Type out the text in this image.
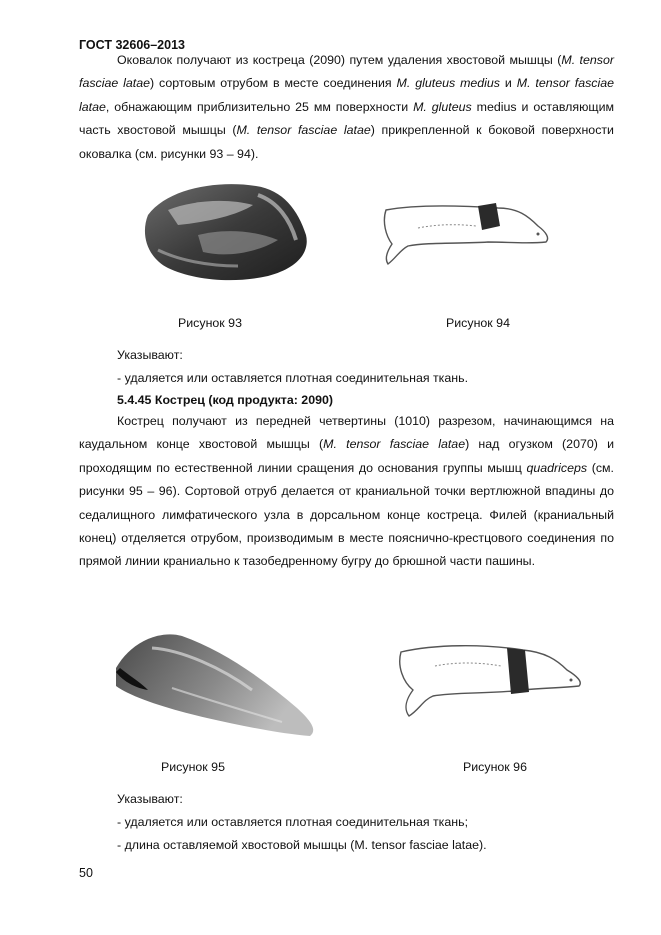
ГОСТ 32606–2013
Оковалок получают из кострецa (2090) путем удаления хвостовой мышцы (M. tensor fasciae latae) сортовым отрубом в месте соединения M. gluteus medius и M. tensor fasciae latae, обнажающим приблизительно 25 мм поверхности M. gluteus medius и оставляющим часть хвостовой мышцы (M. tensor fasciae latae) прикрепленной к боковой поверхности оковалка (см. рисунки 93 – 94).
Рисунок 93	Рисунок 94
Указывают:
- удаляется или оставляется плотная соединительная ткань.
5.4.45 Кострец (код продукта: 2090)
Кострец получают из передней четвертины (1010) разрезом, начинающимся на каудальном конце хвостовой мышцы (M. tensor fasciae latae) над огузком (2070) и проходящим по естественной линии сращения до основания группы мышц quadriceps (см. рисунки 95 – 96). Сортовой отруб делается от краниальной точки вертлюжной впадины до седалищного лимфатического узла в дорсальном конце кострецa. Филей (краниальный конец) отделяется отрубом, производимым в месте пояснично-крестцового соединения по прямой линии краниально к тазобедренному бугру до брюшной части пашины.
Рисунок 95	Рисунок 96
Указывают:
- удаляется или оставляется плотная соединительная ткань;
- длина оставляемой хвостовой мышцы (M. tensor fasciae latae).
50
